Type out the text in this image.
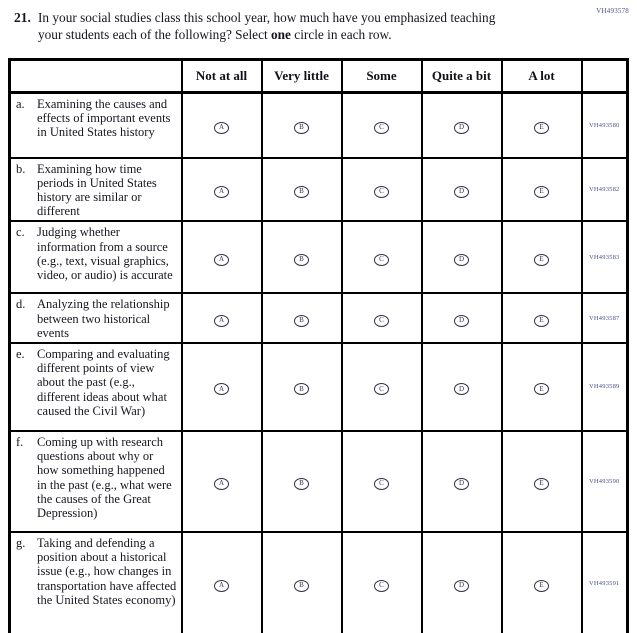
21. In your social studies class this school year, how much have you emphasized teaching your students each of the following? Select one circle in each row.
VH493578
	Not at all	Very little	Some	Quite a bit	A lot	

a. Examining the causes and effects of important events in United States history	A	B	C	D	E	VH493580

b. Examining how time periods in United States history are similar or different	A	B	C	D	E	VH493582

c. Judging whether information from a source (e.g., text, visual graphics, video, or audio) is accurate	A	B	C	D	E	VH493583

d. Analyzing the relationship between two historical events	A	B	C	D	E	VH493587

e. Comparing and evaluating different points of view about the past (e.g., different ideas about what caused the Civil War)	A	B	C	D	E	VH493589

f. Coming up with research questions about why or how something happened in the past (e.g., what were the causes of the Great Depression)	A	B	C	D	E	VH493590

g. Taking and defending a position about a historical issue (e.g., how changes in transportation have affected the United States economy)	A	B	C	D	E	VH493591
